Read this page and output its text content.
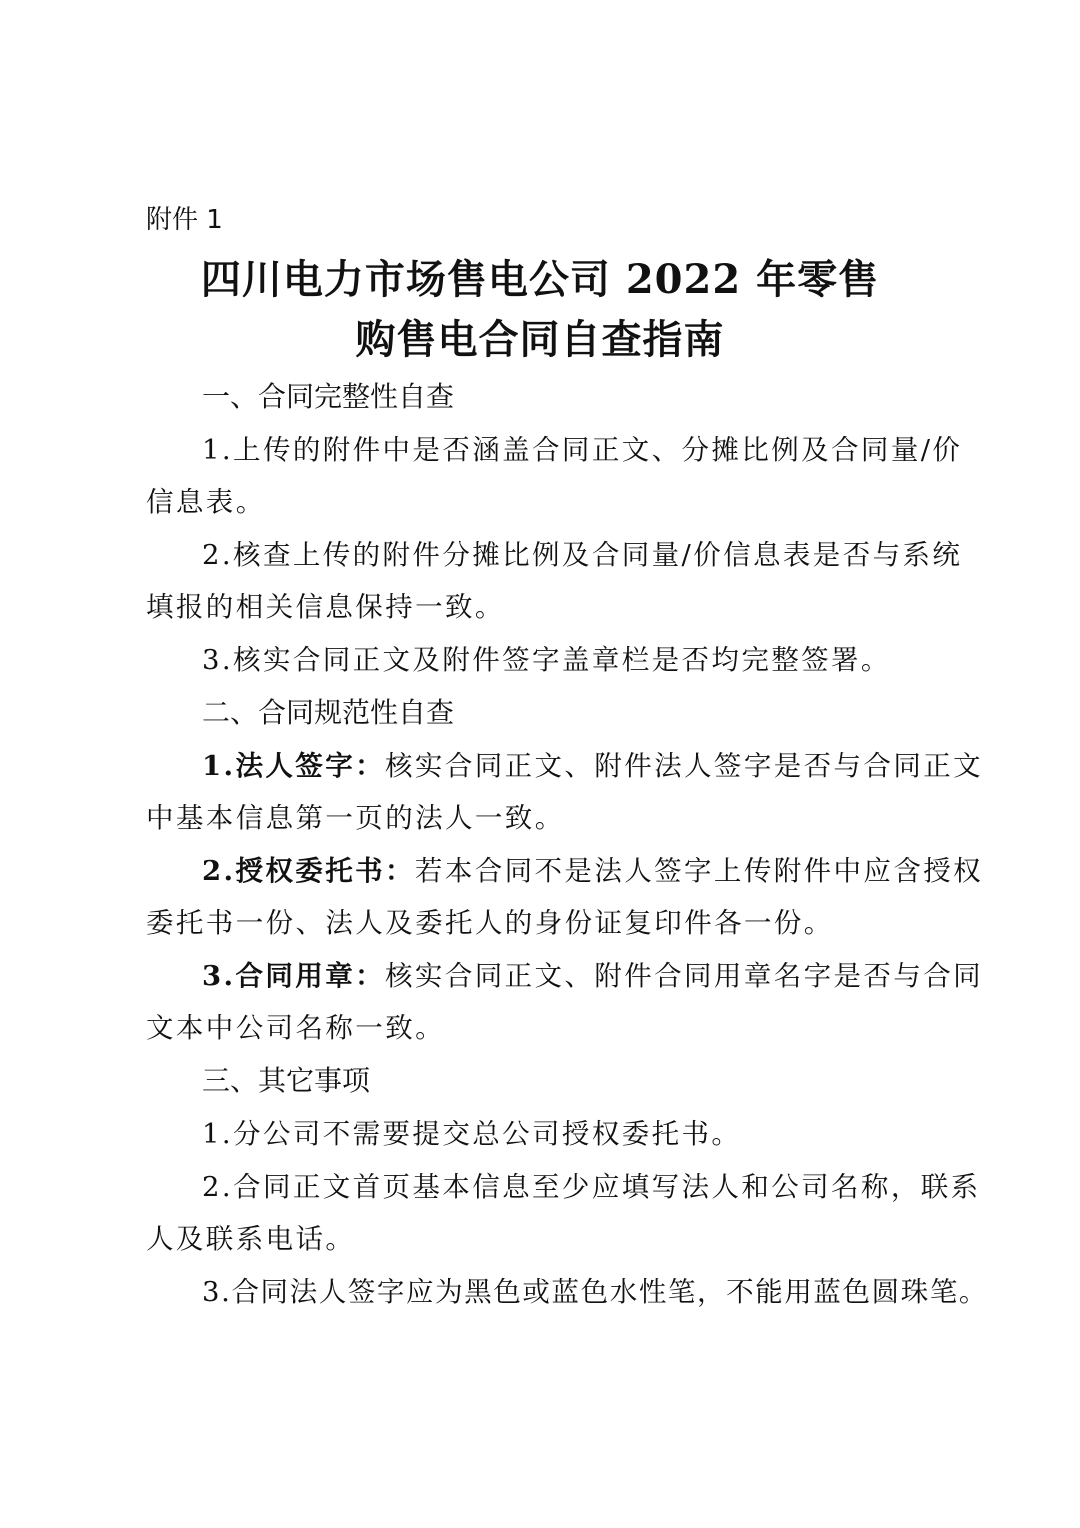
附件 1
四川电力市场售电公司 2022 年零售
购售电合同自查指南
一、合同完整性自查
1.上传的附件中是否涵盖合同正文、分摊比例及合同量/价
信息表。
2.核查上传的附件分摊比例及合同量/价信息表是否与系统
填报的相关信息保持一致。
3.核实合同正文及附件签字盖章栏是否均完整签署。
二、合同规范性自查
1.法人签字：核实合同正文、附件法人签字是否与合同正文
中基本信息第一页的法人一致。
2.授权委托书：若本合同不是法人签字上传附件中应含授权
委托书一份、法人及委托人的身份证复印件各一份。
3.合同用章：核实合同正文、附件合同用章名字是否与合同
文本中公司名称一致。
三、其它事项
1.分公司不需要提交总公司授权委托书。
2.合同正文首页基本信息至少应填写法人和公司名称，联系
人及联系电话。
3.合同法人签字应为黑色或蓝色水性笔，不能用蓝色圆珠笔。
